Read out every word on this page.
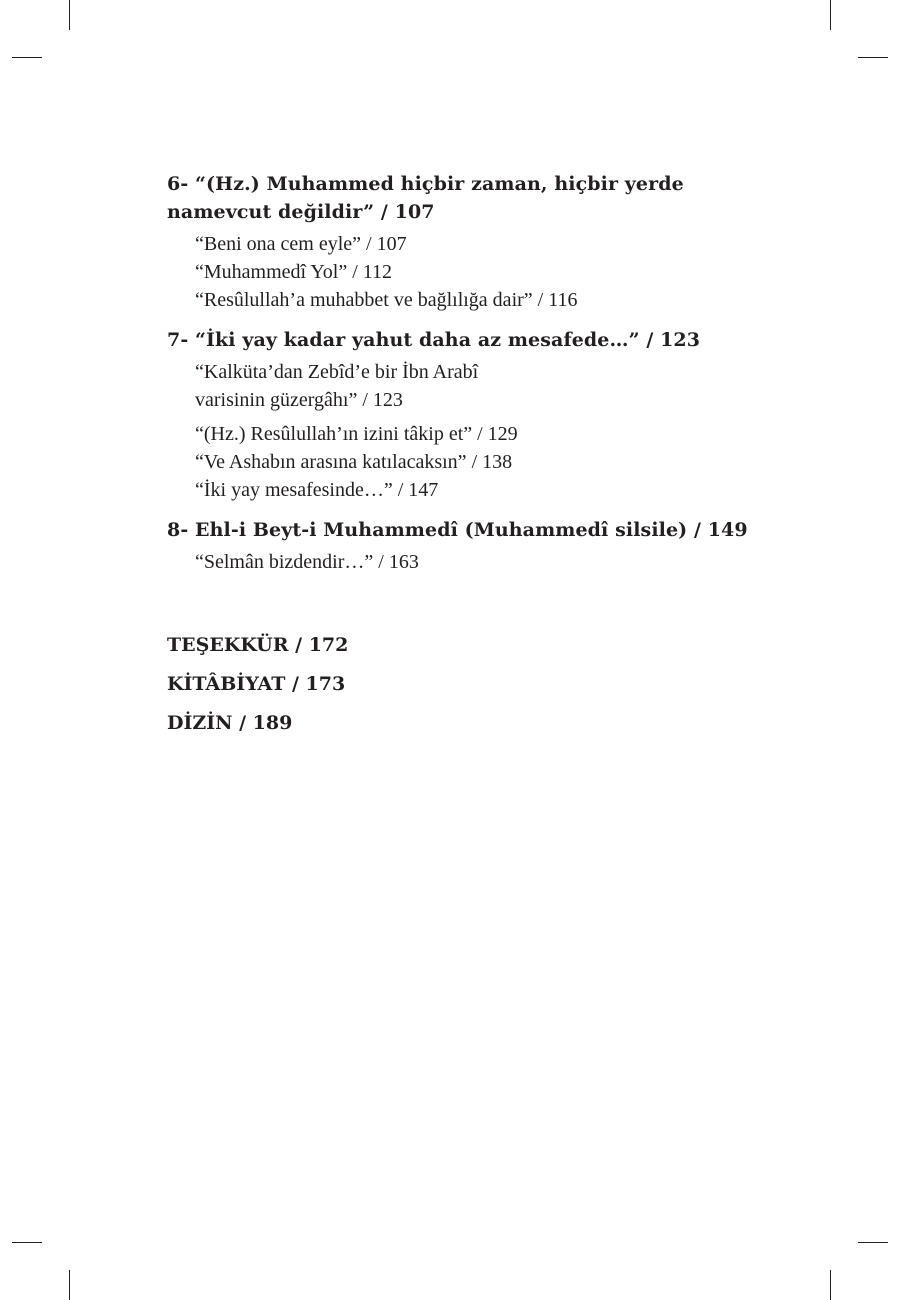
6- “(Hz.) Muhammed hiçbir zaman, hiçbir yerde
namevcut değildir” / 107

“Beni ona cem eyle” / 107
“Muhammedî Yol” / 112
“Resûlullah’a muhabbet ve bağlılığa dair” / 116

7- “İki yay kadar yahut daha az mesafede…” / 123

“Kalküta’dan Zebîd’e bir İbn Arabî
varisinin güzergâhı” / 123
“(Hz.) Resûlullah’ın izini tâkip et” / 129
“Ve Ashabın arasına katılacaksın” / 138
“İki yay mesafesinde…” / 147

8- Ehl-i Beyt-i Muhammedî (Muhammedî silsile) / 149

“Selmân bizdendir…” / 163
TEŞEKKÜR / 172
KİTÂBİYAT / 173
DİZİN / 189
